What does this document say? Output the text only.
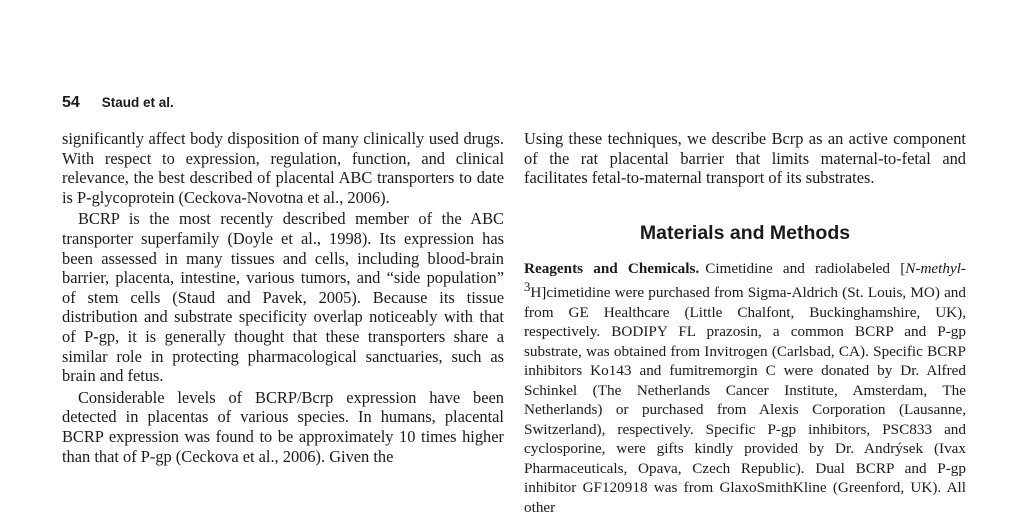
54 Staud et al.

significantly affect body disposition of many clinically used drugs. With respect to expression, regulation, function, and clinical relevance, the best described of placental ABC transporters to date is P-glycoprotein (Ceckova-Novotna et al., 2006).

BCRP is the most recently described member of the ABC transporter superfamily (Doyle et al., 1998). Its expression has been assessed in many tissues and cells, including blood-brain barrier, placenta, intestine, various tumors, and “side population” of stem cells (Staud and Pavek, 2005). Because its tissue distribution and substrate specificity overlap noticeably with that of P-gp, it is generally thought that these transporters share a similar role in protecting pharmacological sanctuaries, such as brain and fetus.

Considerable levels of BCRP/Bcrp expression have been detected in placentas of various species. In humans, placental BCRP expression was found to be approximately 10 times higher than that of P-gp (Ceckova et al., 2006). Given the

Using these techniques, we describe Bcrp as an active component of the rat placental barrier that limits maternal-to-fetal and facilitates fetal-to-maternal transport of its substrates.

Materials and Methods

Reagents and Chemicals. Cimetidine and radiolabeled [N-methyl-$^3$H]cimetidine were purchased from Sigma-Aldrich (St. Louis, MO) and from GE Healthcare (Little Chalfont, Buckinghamshire, UK), respectively. BODIPY FL prazosin, a common BCRP and P-gp substrate, was obtained from Invitrogen (Carlsbad, CA). Specific BCRP inhibitors Ko143 and fumitremorgin C were donated by Dr. Alfred Schinkel (The Netherlands Cancer Institute, Amsterdam, The Netherlands) or purchased from Alexis Corporation (Lausanne, Switzerland), respectively. Specific P-gp inhibitors, PSC833 and cyclosporine, were gifts kindly provided by Dr. Andrýsek (Ivax Pharmaceuticals, Opava, Czech Republic). Dual BCRP and P-gp inhibitor GF120918 was from GlaxoSmithKline (Greenford, UK). All other
